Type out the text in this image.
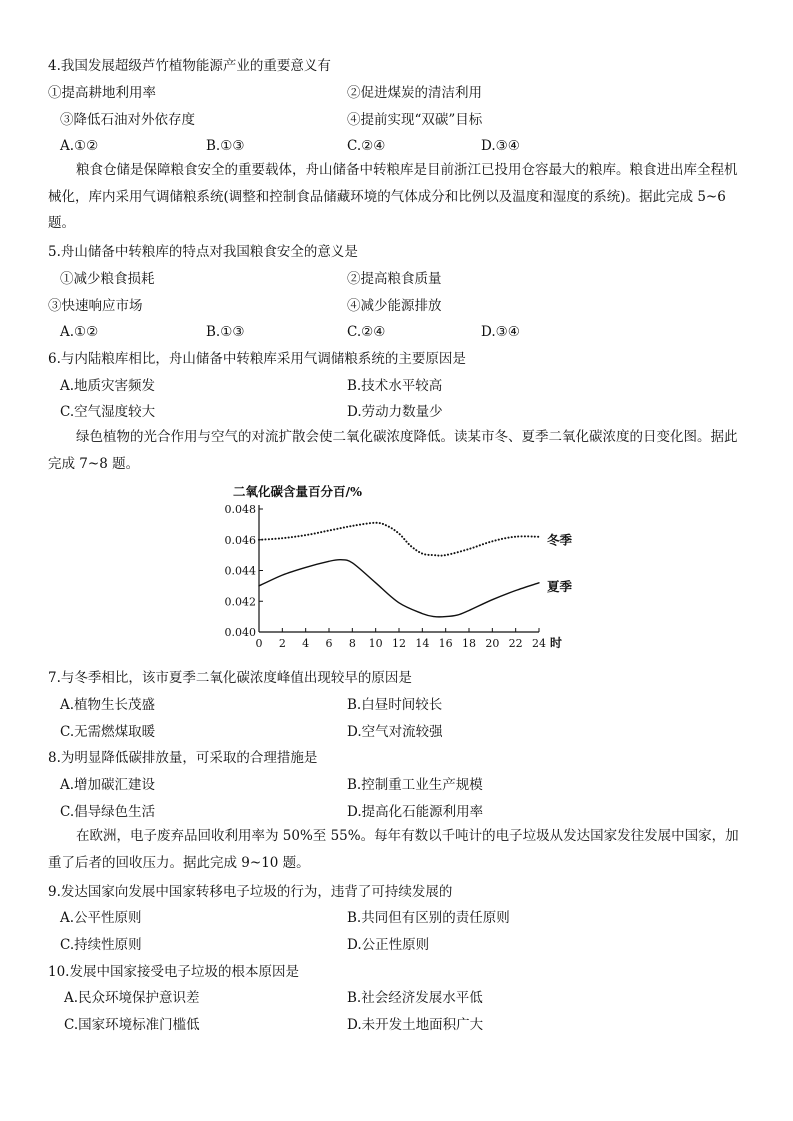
4.我国发展超级芦竹植物能源产业的重要意义有
①提高耕地利用率	②促进煤炭的清洁利用
③降低石油对外依存度	④提前实现“双碳”目标
A.①②	B.①③	C.②④	D.③④
粮食仓储是保障粮食安全的重要载体，舟山储备中转粮库是目前浙江已投用仓容最大的粮库。粮食进出库全程机械化，库内采用气调储粮系统(调整和控制食品储藏环境的气体成分和比例以及温度和湿度的系统)。据此完成 5~6 题。
5.舟山储备中转粮库的特点对我国粮食安全的意义是
①减少粮食损耗	②提高粮食质量
③快速响应市场	④减少能源排放
A.①②	B.①③	C.②④	D.③④
6.与内陆粮库相比，舟山储备中转粮库采用气调储粮系统的主要原因是
A.地质灾害频发	B.技术水平较高
C.空气湿度较大	D.劳动力数量少
绿色植物的光合作用与空气的对流扩散会使二氧化碳浓度降低。读某市冬、夏季二氧化碳浓度的日变化图。据此完成 7~8 题。
二氧化碳含量百分百/%
0.048
0.046
0.044
0.042
0.040
0 2 4 6 8 10 12 14 16 18 20 22 24 时
冬季
夏季
7.与冬季相比，该市夏季二氧化碳浓度峰值出现较早的原因是
A.植物生长茂盛	B.白昼时间较长
C.无需燃煤取暖	D.空气对流较强
8.为明显降低碳排放量，可采取的合理措施是
A.增加碳汇建设	B.控制重工业生产规模
C.倡导绿色生活	D.提高化石能源利用率
在欧洲，电子废弃品回收利用率为 50%至 55%。每年有数以千吨计的电子垃圾从发达国家发往发展中国家，加重了后者的回收压力。据此完成 9~10 题。
9.发达国家向发展中国家转移电子垃圾的行为，违背了可持续发展的
A.公平性原则	B.共同但有区别的责任原则
C.持续性原则	D.公正性原则
10.发展中国家接受电子垃圾的根本原因是
A.民众环境保护意识差	B.社会经济发展水平低
C.国家环境标准门槛低	D.未开发土地面积广大
